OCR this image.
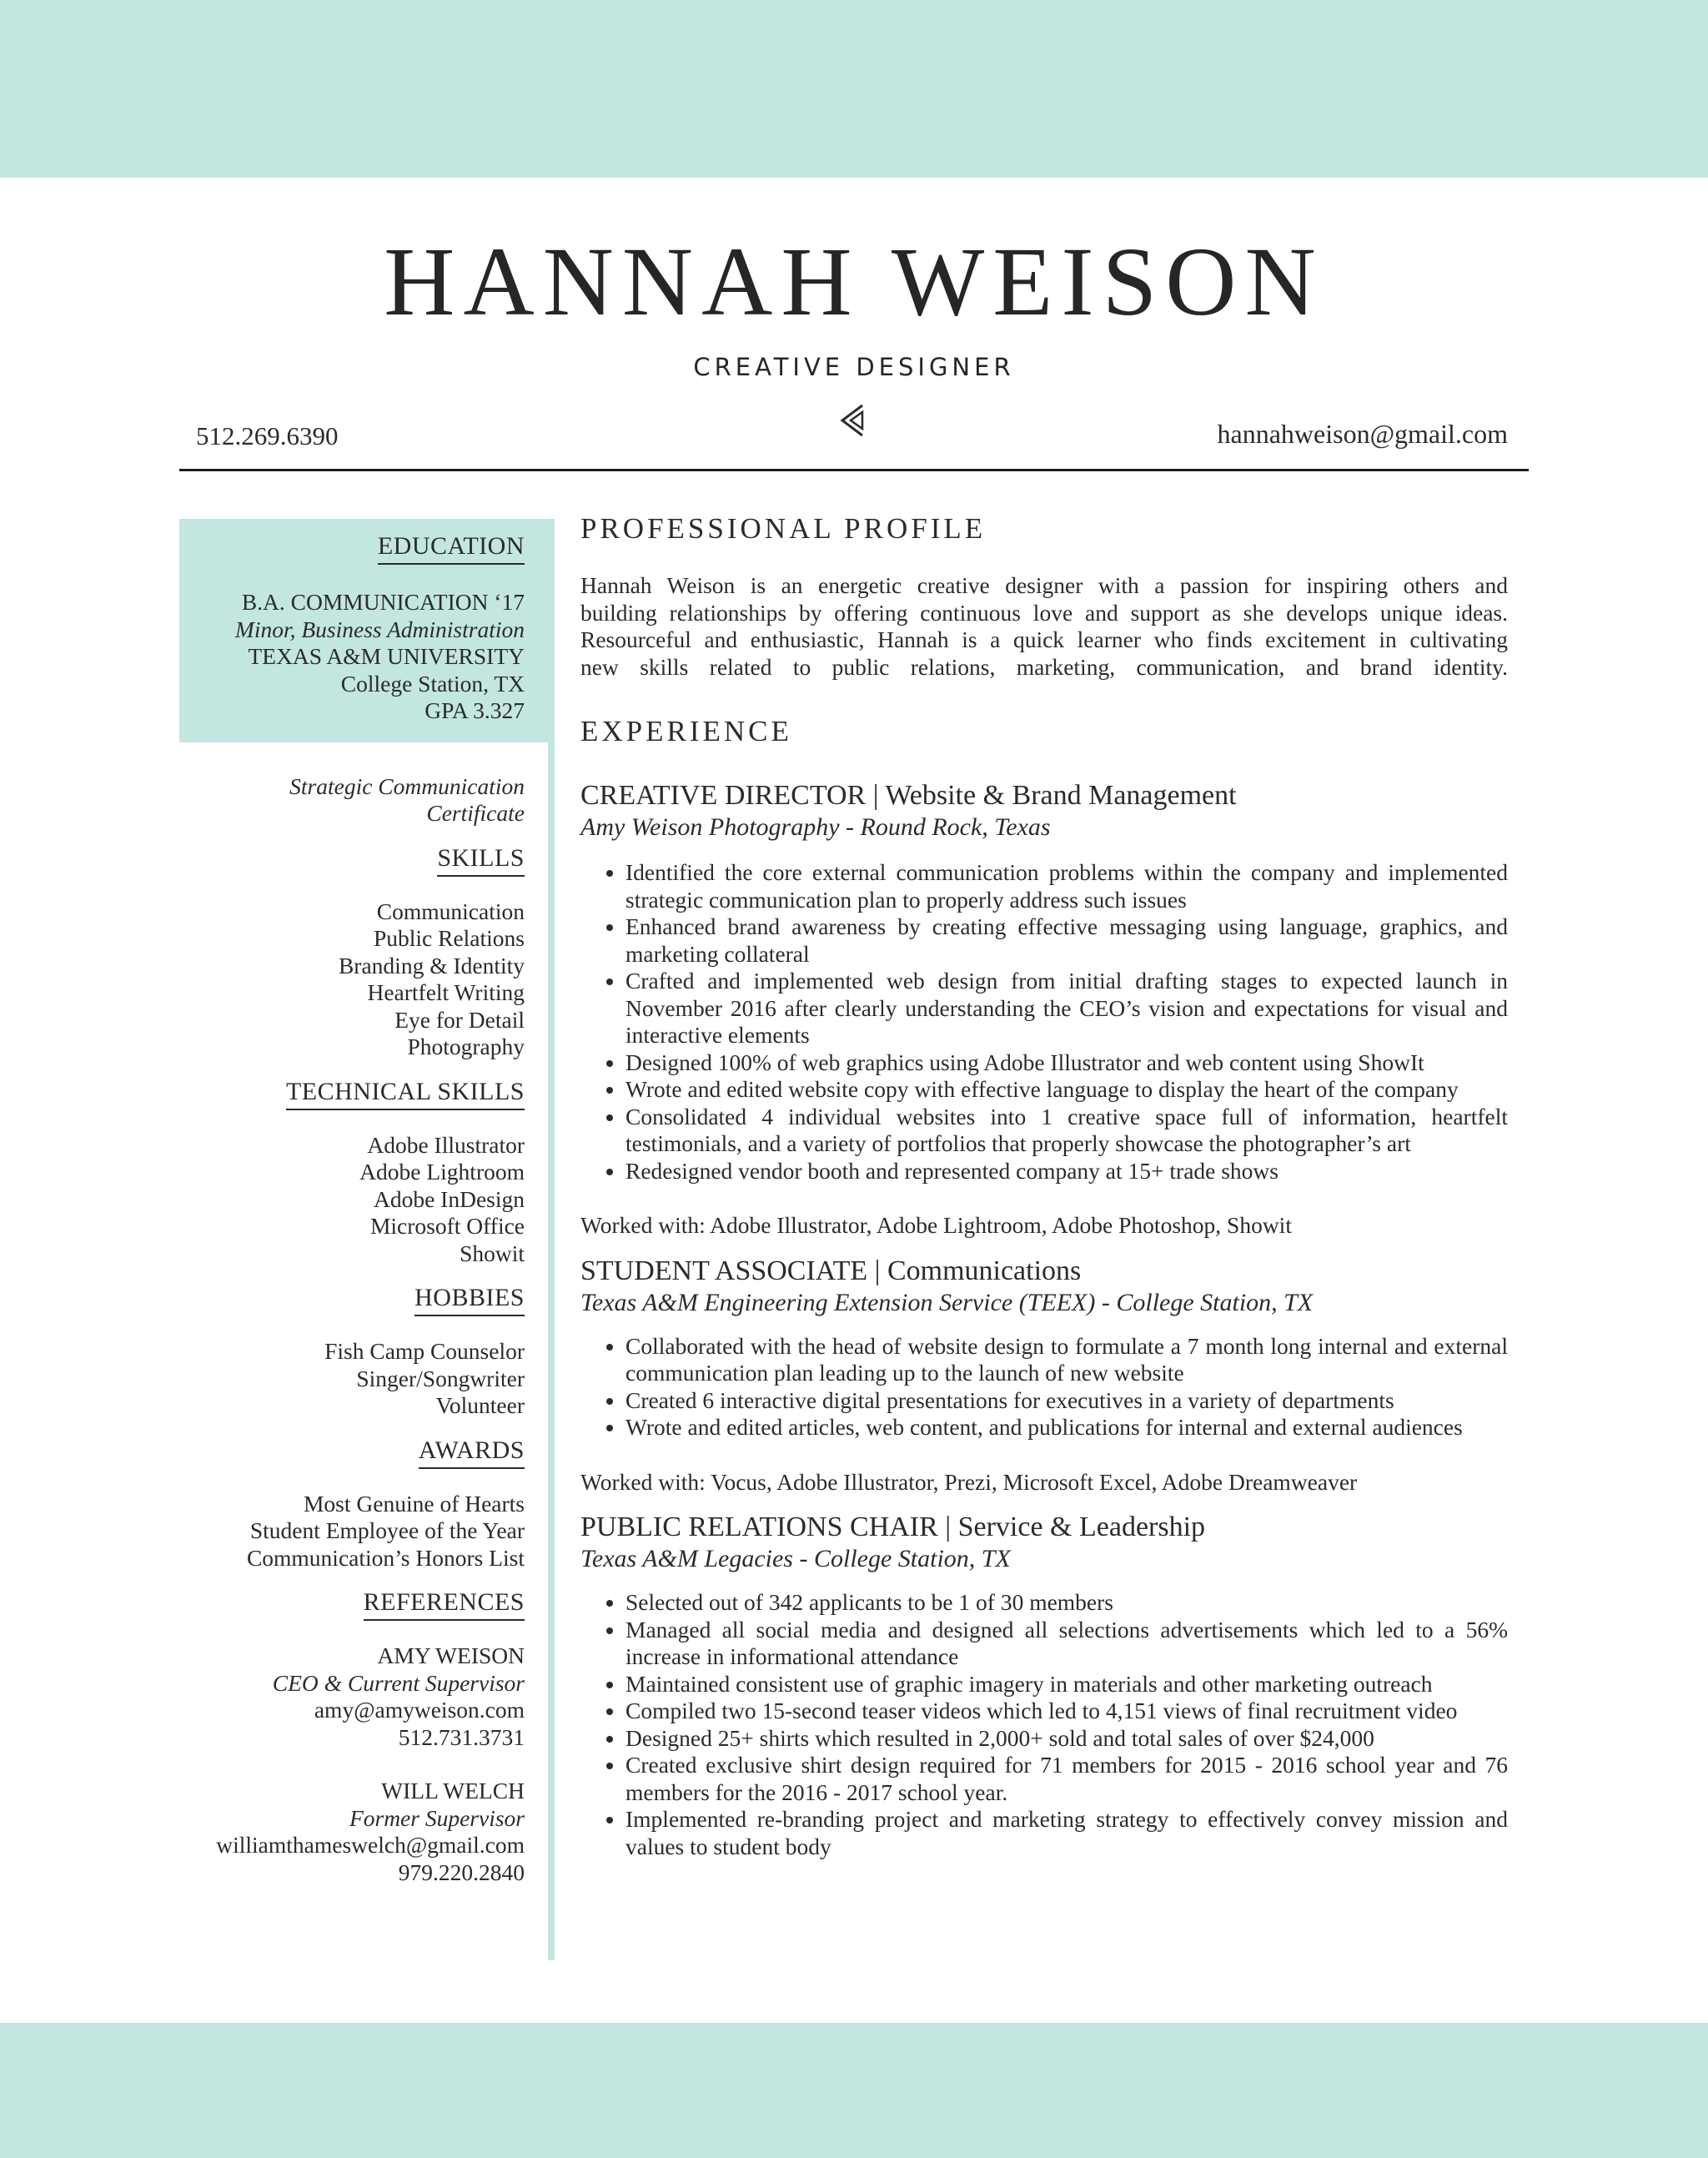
HANNAH WEISON
CREATIVE DESIGNER
512.269.6390	hannahweison@gmail.com
EDUCATION
B.A. COMMUNICATION ‘17
Minor, Business Administration
TEXAS A&M UNIVERSITY
College Station, TX
GPA 3.327
Strategic Communication
Certificate
SKILLS
Communication
Public Relations
Branding & Identity
Heartfelt Writing
Eye for Detail
Photography
TECHNICAL SKILLS
Adobe Illustrator
Adobe Lightroom
Adobe InDesign
Microsoft Office
Showit
HOBBIES
Fish Camp Counselor
Singer/Songwriter
Volunteer
AWARDS
Most Genuine of Hearts
Student Employee of the Year
Communication’s Honors List
REFERENCES
AMY WEISON
CEO & Current Supervisor
amy@amyweison.com
512.731.3731
WILL WELCH
Former Supervisor
williamthameswelch@gmail.com
979.220.2840
PROFESSIONAL PROFILE

Hannah Weison is an energetic creative designer with a passion for inspiring others and

building relationships by offering continuous love and support as she develops unique ideas.

Resourceful and enthusiastic, Hannah is a quick learner who finds excitement in cultivating

new skills related to public relations, marketing, communication, and brand identity.

EXPERIENCE
CREATIVE DIRECTOR | Website & Brand Management
Amy Weison Photography - Round Rock, Texas
• Identified the core external communication problems within the company and implemented strategic communication plan to properly address such issues
• Enhanced brand awareness by creating effective messaging using language, graphics, and marketing collateral
• Crafted and implemented web design from initial drafting stages to expected launch in November 2016 after clearly understanding the CEO’s vision and expectations for visual and interactive elements
• Designed 100% of web graphics using Adobe Illustrator and web content using ShowIt
• Wrote and edited website copy with effective language to display the heart of the company
• Consolidated 4 individual websites into 1 creative space full of information, heartfelt testimonials, and a variety of portfolios that properly showcase the photographer’s art
• Redesigned vendor booth and represented company at 15+ trade shows
Worked with: Adobe Illustrator, Adobe Lightroom, Adobe Photoshop, Showit
STUDENT ASSOCIATE | Communications
Texas A&M Engineering Extension Service (TEEX) - College Station, TX
• Collaborated with the head of website design to formulate a 7 month long internal and external communication plan leading up to the launch of new website
• Created 6 interactive digital presentations for executives in a variety of departments
• Wrote and edited articles, web content, and publications for internal and external audiences
Worked with: Vocus, Adobe Illustrator, Prezi, Microsoft Excel, Adobe Dreamweaver
PUBLIC RELATIONS CHAIR | Service & Leadership
Texas A&M Legacies - College Station, TX
• Selected out of 342 applicants to be 1 of 30 members
• Managed all social media and designed all selections advertisements which led to a 56% increase in informational attendance
• Maintained consistent use of graphic imagery in materials and other marketing outreach
• Compiled two 15-second teaser videos which led to 4,151 views of final recruitment video
• Designed 25+ shirts which resulted in 2,000+ sold and total sales of over $24,000
• Created exclusive shirt design required for 71 members for 2015 - 2016 school year and 76 members for the 2016 - 2017 school year.
• Implemented re-branding project and marketing strategy to effectively convey mission and values to student body
